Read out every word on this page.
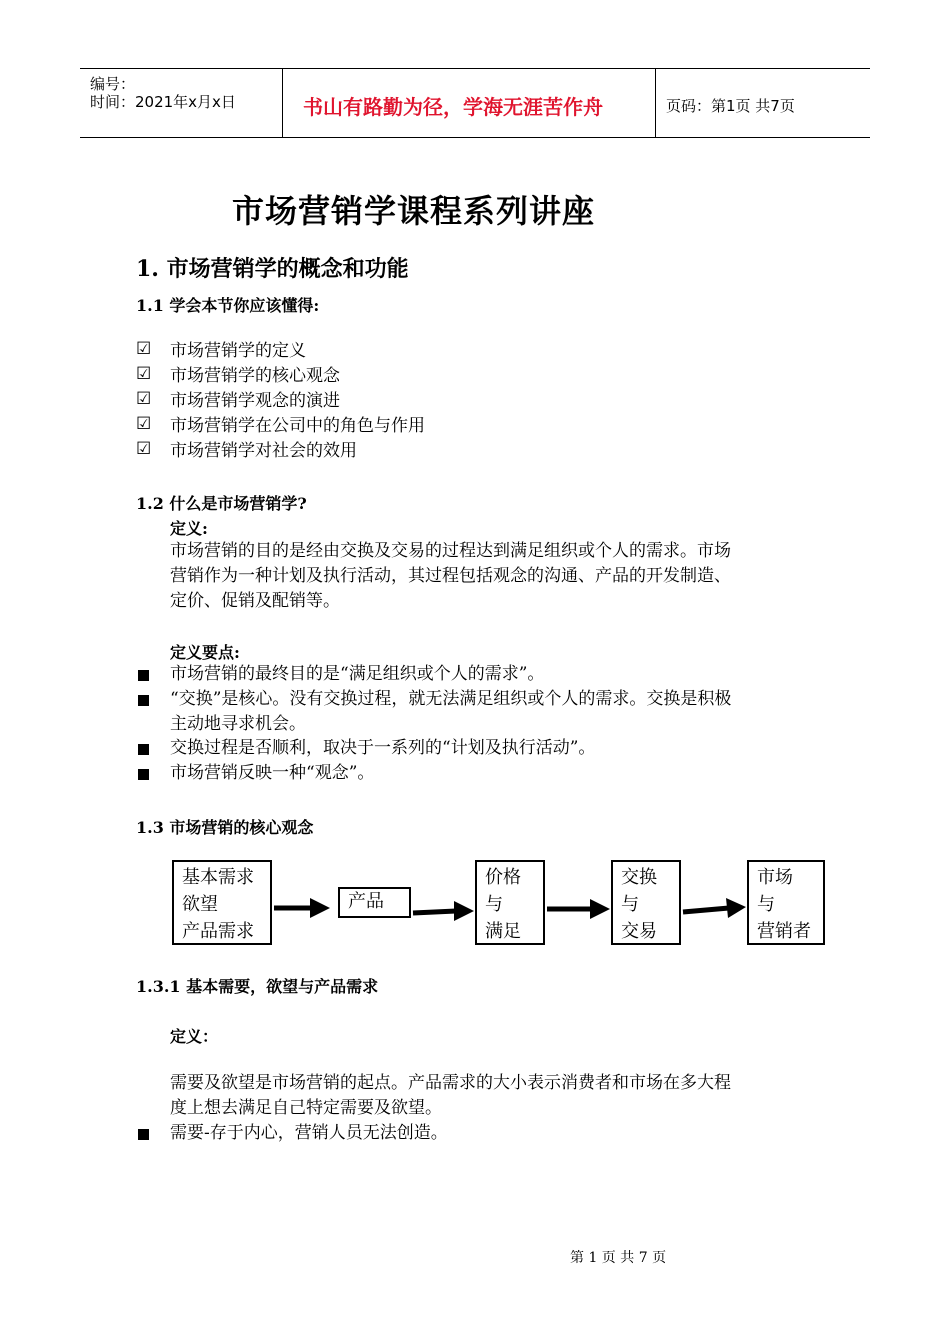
编号：
时间：2021年x月x日	书山有路勤为径，学海无涯苦作舟	页码：第1页 共7页
市场营销学课程系列讲座
1. 市场营销学的概念和功能
1.1 学会本节你应该懂得:
☑ 市场营销学的定义
☑ 市场营销学的核心观念
☑ 市场营销学观念的演进
☑ 市场营销学在公司中的角色与作用
☑ 市场营销学对社会的效用
1.2 什么是市场营销学?
定义:
市场营销的目的是经由交换及交易的过程达到满足组织或个人的需求。市场
营销作为一种计划及执行活动，其过程包括观念的沟通、产品的开发制造、
定价、促销及配销等。
定义要点:
市场营销的最终目的是“满足组织或个人的需求”。
“交换”是核心。没有交换过程，就无法满足组织或个人的需求。交换是积极
主动地寻求机会。
交换过程是否顺利，取决于一系列的“计划及执行活动”。
市场营销反映一种“观念”。
1.3 市场营销的核心观念
基本需求
欲望
产品需求
产品
价格
与
满足
交换
与
交易
市场
与
营销者
1.3.1 基本需要，欲望与产品需求
定义：
需要及欲望是市场营销的起点。产品需求的大小表示消费者和市场在多大程
度上想去满足自己特定需要及欲望。
需要-存于内心，营销人员无法创造。
第 1 页 共 7 页
